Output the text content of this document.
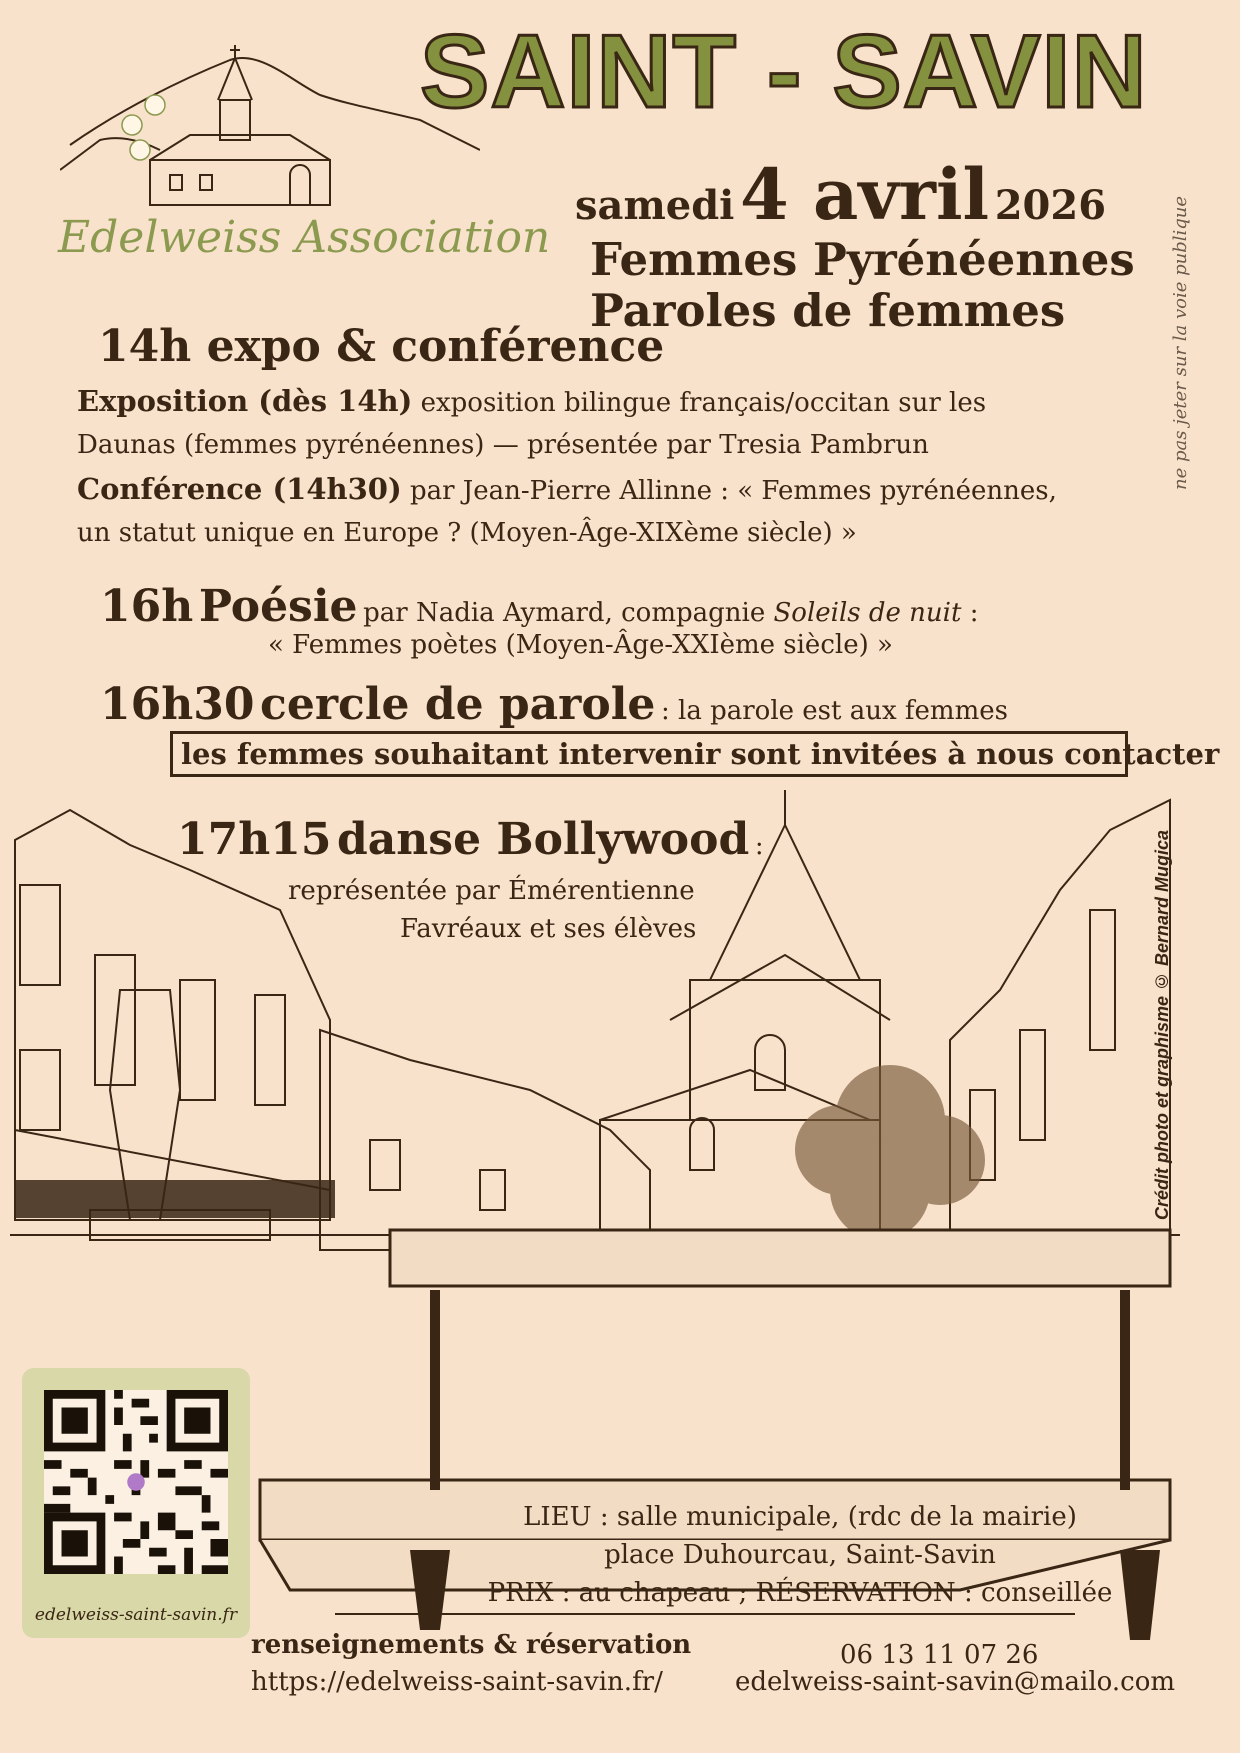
SAINT - SAVIN
Edelweiss Association
samedi 4 avril 2026
Femmes Pyrénéennes
Paroles de femmes	ne pas jeter sur la voie publique
14h expo & conférence
Exposition (dès 14h) exposition bilingue français/occitan sur les
Daunas (femmes pyrénéennes) — présentée par Tresia Pambrun
Conférence (14h30) par Jean-Pierre Allinne : « Femmes pyrénéennes,
un statut unique en Europe ? (Moyen-Âge-XIXème siècle) »
16h Poésie par Nadia Aymard, compagnie Soleils de nuit :
« Femmes poètes (Moyen-Âge-XXIème siècle) »
16h30 cercle de parole : la parole est aux femmes
les femmes souhaitant intervenir sont invitées à nous contacter
17h15 danse Bollywood :
représentée par Émérentienne
Favréaux et ses élèves	Crédit photo et graphisme © Bernard Mugica
edelweiss-saint-savin.fr
LIEU : salle municipale, (rdc de la mairie)
place Duhourcau, Saint-Savin
PRIX : au chapeau ; RÉSERVATION : conseillée
renseignements & réservation
https://edelweiss-saint-savin.fr/
06 13 11 07 26
edelweiss-saint-savin@mailo.com
